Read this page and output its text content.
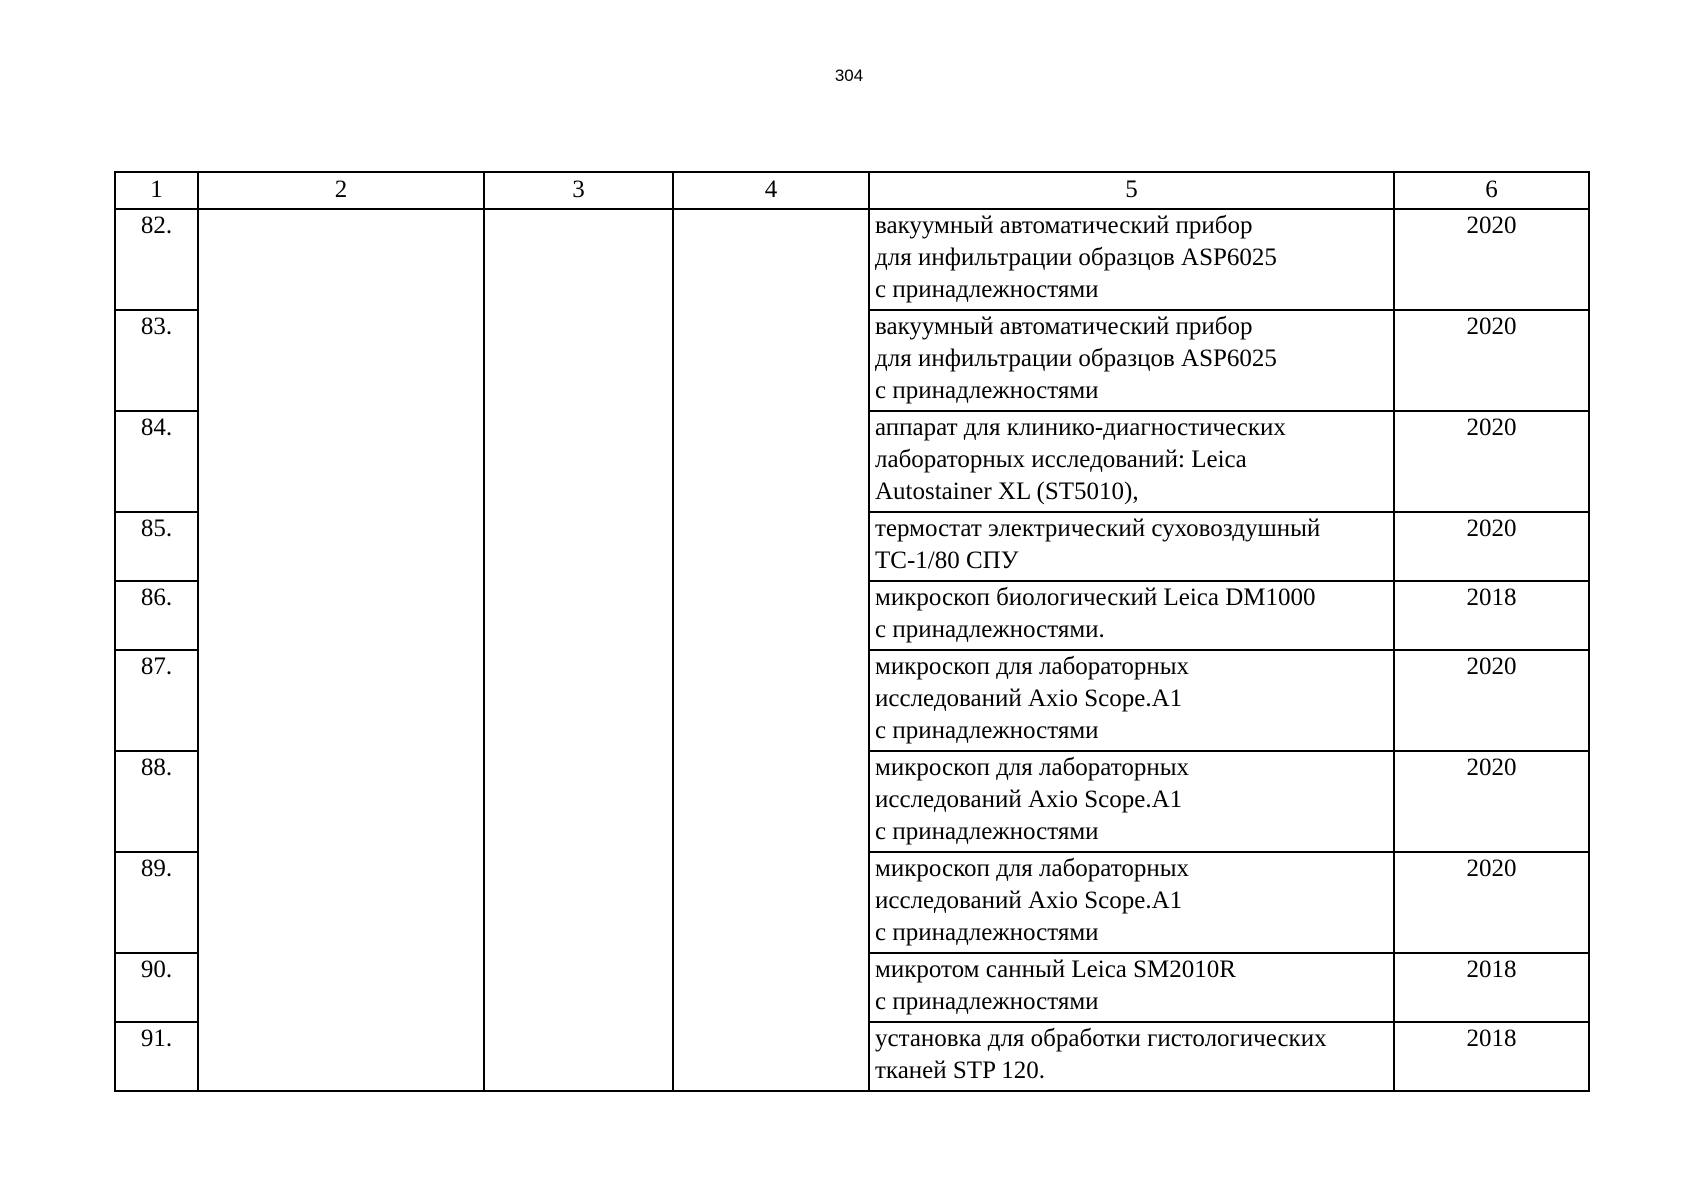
304
1	2	3	4	5	6
82.				вакуумный автоматический прибор
для инфильтрации образцов ASP6025
с принадлежностями	2020
83.				вакуумный автоматический прибор
для инфильтрации образцов ASP6025
с принадлежностями	2020
84.				аппарат для клинико-диагностических
лабораторных исследований: Leica
Autostainer XL (ST5010),	2020
85.				термостат электрический суховоздушный
ТС-1/80 СПУ	2020
86.				микроскоп биологический Leica DM1000
с принадлежностями.	2018
87.				микроскоп для лабораторных
исследований Axio Scope.A1
с принадлежностями	2020
88.				микроскоп для лабораторных
исследований Axio Scope.A1
с принадлежностями	2020
89.				микроскоп для лабораторных
исследований Axio Scope.A1
с принадлежностями	2020
90.				микротом санный Leica SM2010R
с принадлежностями	2018
91.				установка для обработки гистологических
тканей STP 120.	2018
